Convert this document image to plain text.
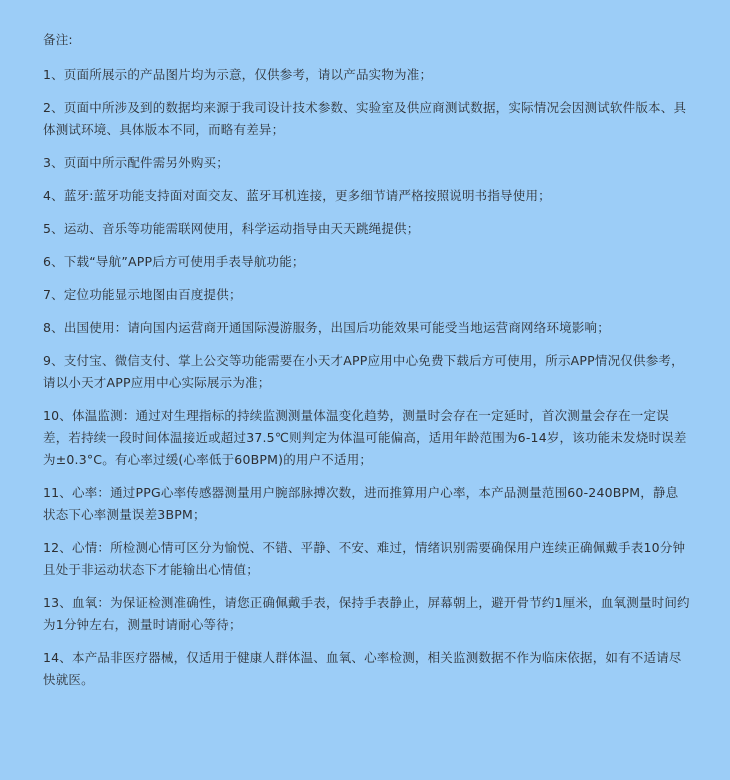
备注:
1、页面所展示的产品图片均为示意，仅供参考，请以产品实物为准；
2、页面中所涉及到的数据均来源于我司设计技术参数、实验室及供应商测试数据，实际情况会因测试软件版本、具体测试环境、具体版本不同，而略有差异；
3、页面中所示配件需另外购买；
4、蓝牙:蓝牙功能支持面对面交友、蓝牙耳机连接，更多细节请严格按照说明书指导使用；
5、运动、音乐等功能需联网使用，科学运动指导由天天跳绳提供；
6、下载“导航”APP后方可使用手表导航功能；
7、定位功能显示地图由百度提供；
8、出国使用：请向国内运营商开通国际漫游服务，出国后功能效果可能受当地运营商网络环境影响；
9、支付宝、微信支付、掌上公交等功能需要在小天才APP应用中心免费下载后方可使用，所示APP情况仅供参考，请以小天才APP应用中心实际展示为准；
10、体温监测：通过对生理指标的持续监测测量体温变化趋势，测量时会存在一定延时，首次测量会存在一定误差，若持续一段时间体温接近或超过37.5℃则判定为体温可能偏高，适用年龄范围为6-14岁，该功能未发烧时误差为±0.3°C。有心率过缓(心率低于60BPM)的用户不适用；
11、心率：通过PPG心率传感器测量用户腕部脉搏次数，进而推算用户心率，本产品测量范围60-240BPM，静息状态下心率测量误差3BPM；
12、心情：所检测心情可区分为愉悦、不错、平静、不安、难过，情绪识别需要确保用户连续正确佩戴手表10分钟且处于非运动状态下才能输出心情值；
13、血氧：为保证检测准确性，请您正确佩戴手表，保持手表静止，屏幕朝上，避开骨节约1厘米，血氧测量时间约为1分钟左右，测量时请耐心等待；
14、本产品非医疗器械，仅适用于健康人群体温、血氧、心率检测，相关监测数据不作为临床依据，如有不适请尽快就医。
